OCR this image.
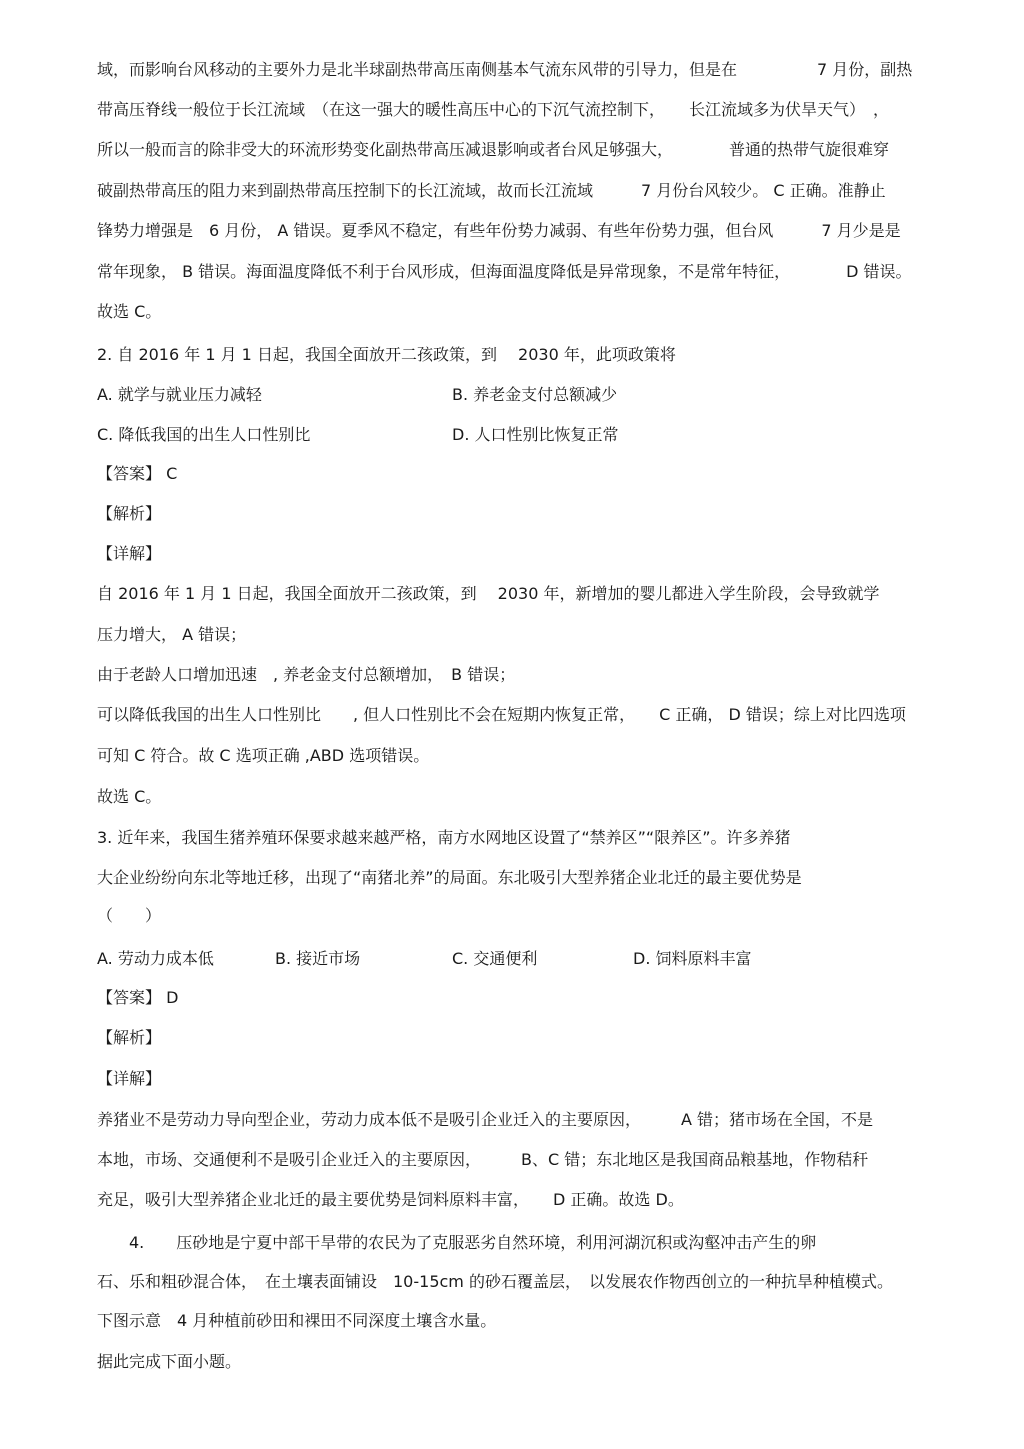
域，而影响台风移动的主要外力是北半球副热带高压南侧基本气流东风带的引导力，但是在　　　　　7 月份，副热
带高压脊线一般位于长江流域　（在这一强大的暖性高压中心的下沉气流控制下，　　长江流域多为伏旱天气）　，
所以一般而言的除非受大的环流形势变化副热带高压减退影响或者台风足够强大，　　　　普通的热带气旋很难穿
破副热带高压的阻力来到副热带高压控制下的长江流域，故而长江流域　　　7 月份台风较少。 C 正确。准静止
锋势力增强是　6 月份， A 错误。夏季风不稳定，有些年份势力减弱、有些年份势力强，但台风　　　7 月少是是
常年现象， B 错误。海面温度降低不利于台风形成，但海面温度降低是异常现象，不是常年特征，　　　　D 错误。
故选 C。
2. 自 2016 年 1 月 1 日起，我国全面放开二孩政策，到　 2030 年，此项政策将
A. 就学与就业压力减轻	B. 养老金支付总额减少
C. 降低我国的出生人口性别比	D. 人口性别比恢复正常
【答案】 C
【解析】
【详解】
自 2016 年 1 月 1 日起，我国全面放开二孩政策，到　 2030 年，新增加的婴儿都进入学生阶段，会导致就学
压力增大， A 错误；
由于老龄人口增加迅速　, 养老金支付总额增加，　B 错误；
可以降低我国的出生人口性别比　　, 但人口性别比不会在短期内恢复正常，　　C 正确， D 错误；综上对比四选项
可知 C 符合。故 C 选项正确 ,ABD 选项错误。
故选 C。
3. 近年来，我国生猪养殖环保要求越来越严格，南方水网地区设置了“禁养区”“限养区”。许多养猪
大企业纷纷向东北等地迁移，出现了“南猪北养”的局面。东北吸引大型养猪企业北迁的最主要优势是
（　　）
A. 劳动力成本低	B. 接近市场	C. 交通便利	D. 饲料原料丰富
【答案】 D
【解析】
【详解】
养猪业不是劳动力导向型企业，劳动力成本低不是吸引企业迁入的主要原因，　　　A 错；猪市场在全国，不是
本地，市场、交通便利不是吸引企业迁入的主要原因，　　　B、C 错；东北地区是我国商品粮基地，作物秸秆
充足，吸引大型养猪企业北迁的最主要优势是饲料原料丰富，　　D 正确。故选 D。
　　4.　　压砂地是宁夏中部干旱带的农民为了克服恶劣自然环境，利用河湖沉积或沟壑冲击产生的卵
石、乐和粗砂混合体，　在土壤表面铺设　10-15cm 的砂石覆盖层，　以发展农作物西创立的一种抗旱种植模式。
下图示意　4 月种植前砂田和裸田不同深度土壤含水量。
据此完成下面小题。
